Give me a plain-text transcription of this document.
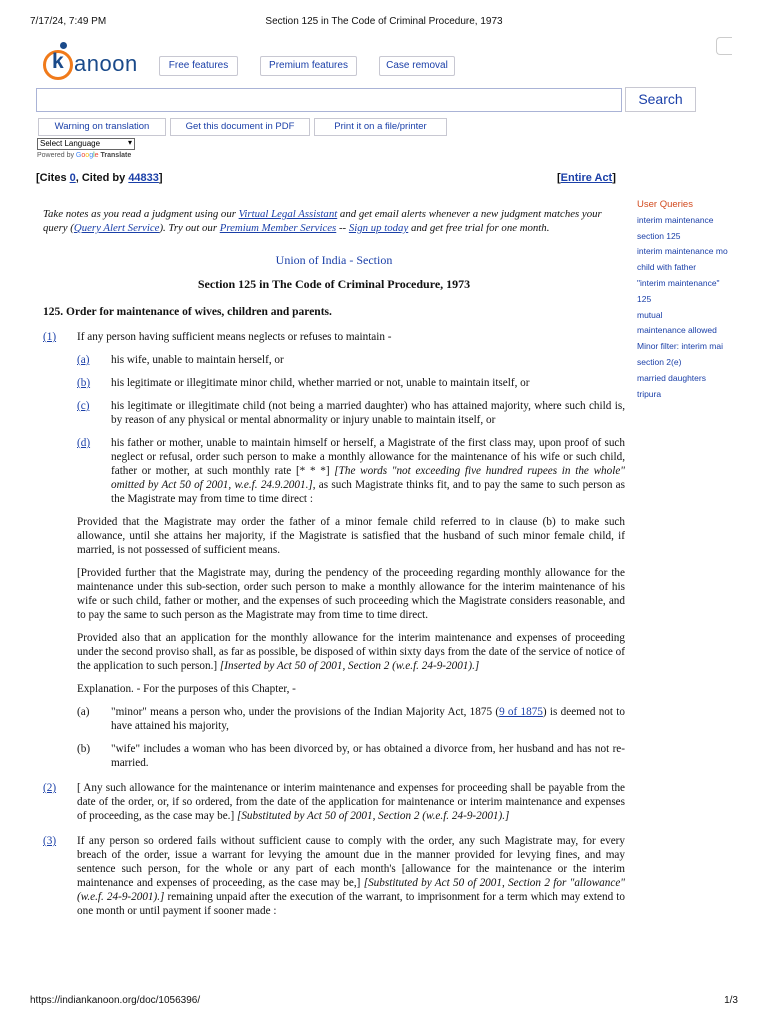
7/17/24, 7:49 PM	Section 125 in The Code of Criminal Procedure, 1973
https://indiankanoon.org/doc/1056396/	1/3
k anoon	Free features	Premium features	Case removal
Search
Warning on translation	Get this document in PDF	Print it on a file/printer
Select Language ▾
Powered by Google Translate
[Cites 0, Cited by 44833]	[Entire Act]

Take notes as you read a judgment using our Virtual Legal Assistant and get email alerts whenever a new judgment matches your query (Query Alert Service). Try out our Premium Member Services -- Sign up today and get free trial for one month.

Union of India - Section
Section 125 in The Code of Criminal Procedure, 1973
125. Order for maintenance of wives, children and parents.
(1) If any person having sufficient means neglects or refuses to maintain -
(a) his wife, unable to maintain herself, or
(b) his legitimate or illegitimate minor child, whether married or not, unable to maintain itself, or
(c) his legitimate or illegitimate child (not being a married daughter) who has attained majority, where such child is, by reason of any physical or mental abnormality or injury unable to maintain itself, or
(d) his father or mother, unable to maintain himself or herself, a Magistrate of the first class may, upon proof of such neglect or refusal, order such person to make a monthly allowance for the maintenance of his wife or such child, father or mother, at such monthly rate [* * *] [The words "not exceeding five hundred rupees in the whole" omitted by Act 50 of 2001, w.e.f. 24.9.2001.], as such Magistrate thinks fit, and to pay the same to such person as the Magistrate may from time to time direct :

Provided that the Magistrate may order the father of a minor female child referred to in clause (b) to make such allowance, until she attains her majority, if the Magistrate is satisfied that the husband of such minor female child, if married, is not possessed of sufficient means.

[Provided further that the Magistrate may, during the pendency of the proceeding regarding monthly allowance for the maintenance under this sub-section, order such person to make a monthly allowance for the interim maintenance of his wife or such child, father or mother, and the expenses of such proceeding which the Magistrate considers reasonable, and to pay the same to such person as the Magistrate may from time to time direct.

Provided also that an application for the monthly allowance for the interim maintenance and expenses of proceeding under the second proviso shall, as far as possible, be disposed of within sixty days from the date of the service of notice of the application to such person.] [Inserted by Act 50 of 2001, Section 2 (w.e.f. 24-9-2001).]

Explanation. - For the purposes of this Chapter, -

(a) "minor" means a person who, under the provisions of the Indian Majority Act, 1875 (9 of 1875) is deemed not to have attained his majority,
(b) "wife" includes a woman who has been divorced by, or has obtained a divorce from, her husband and has not re-married.
(2) [ Any such allowance for the maintenance or interim maintenance and expenses for proceeding shall be payable from the date of the order, or, if so ordered, from the date of the application for maintenance or interim maintenance and expenses of proceeding, as the case may be.] [Substituted by Act 50 of 2001, Section 2 (w.e.f. 24-9-2001).]
(3) If any person so ordered fails without sufficient cause to comply with the order, any such Magistrate may, for every breach of the order, issue a warrant for levying the amount due in the manner provided for levying fines, and may sentence such person, for the whole or any part of each month's [allowance for the maintenance or the interim maintenance and expenses of proceeding, as the case may be,] [Substituted by Act 50 of 2001, Section 2 for "allowance" (w.e.f. 24-9-2001).] remaining unpaid after the execution of the warrant, to imprisonment for a term which may extend to one month or until payment if sooner made :
User Queries
interim maintenance
section 125
interim maintenance mo
child with father
"interim maintenance"
125
mutual
maintenance allowed
Minor filter: interim mai
section 2(e)
married daughters
tripura
